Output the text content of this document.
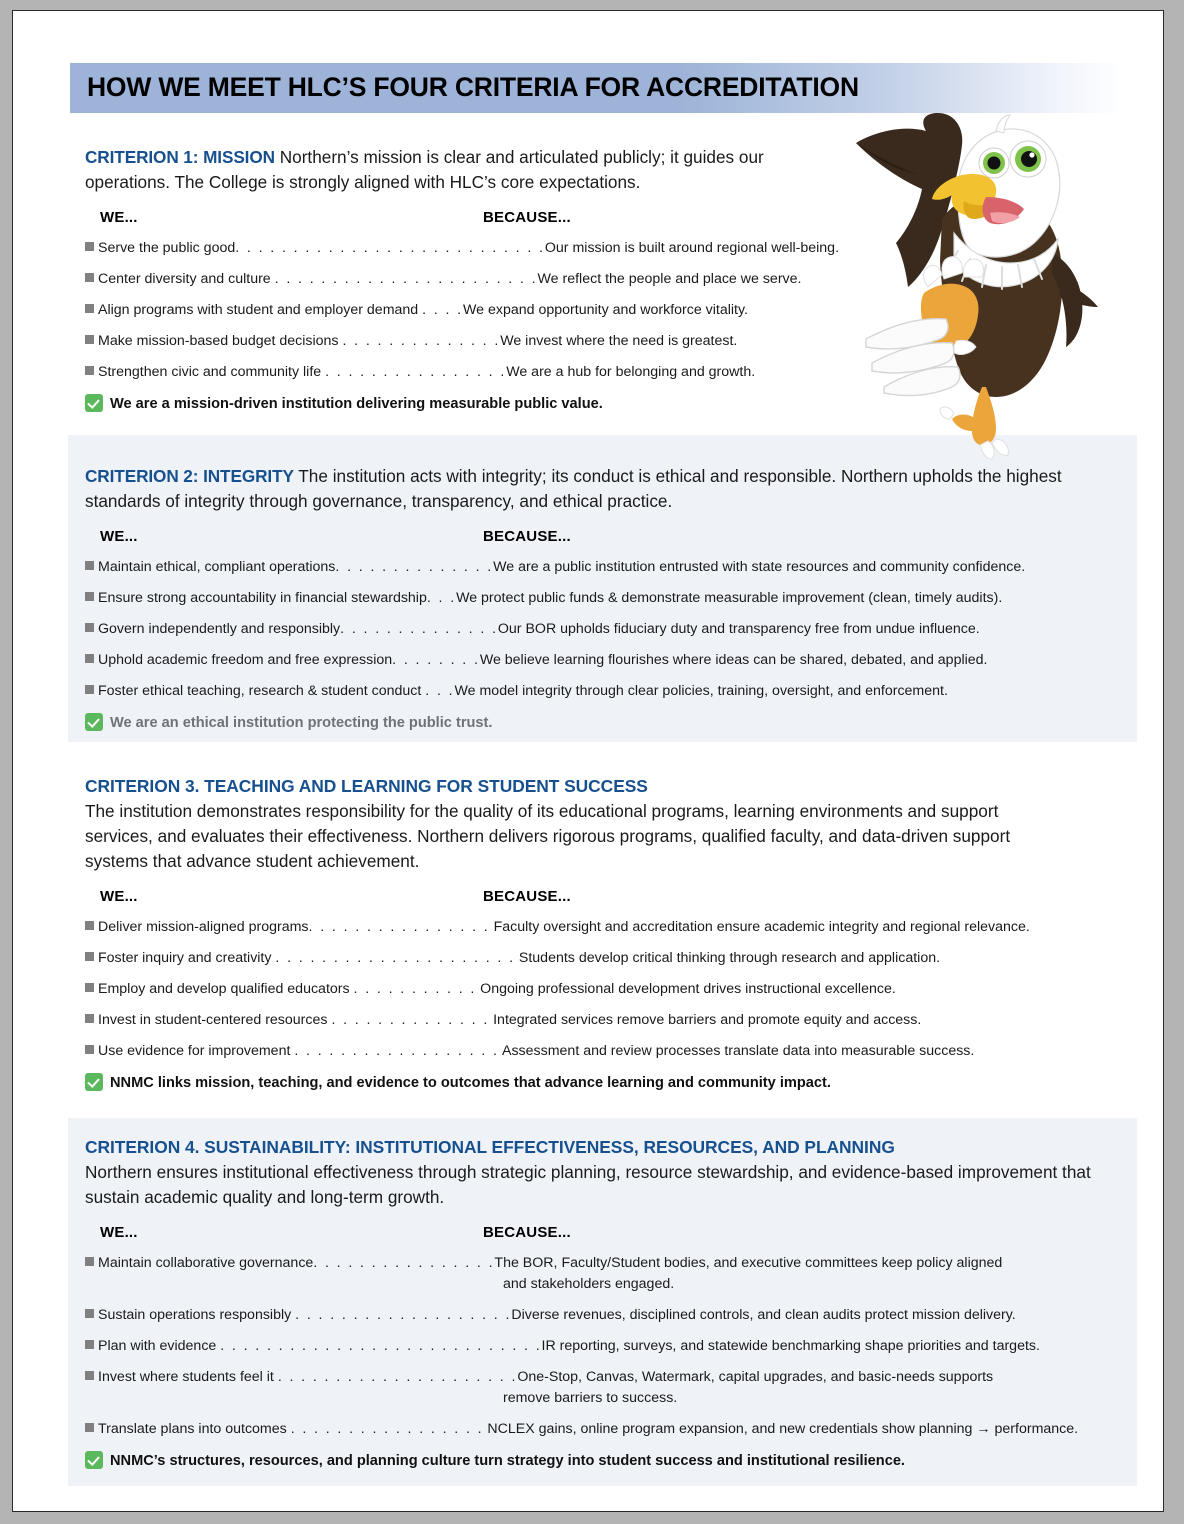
HOW WE MEET HLC’S FOUR CRITERIA FOR ACCREDITATION

CRITERION 1: MISSION Northern’s mission is clear and articulated publicly; it guides our operations. The College is strongly aligned with HLC’s core expectations.

WE...	BECAUSE...
Serve the public good. . . . . . . . . . . . . . . . . . . . . . . . . . .Our mission is built around regional well-being.
Center diversity and culture . . . . . . . . . . . . . . . . . . . . . . .We reflect the people and place we serve.
Align programs with student and employer demand . . . .We expand opportunity and workforce vitality.
Make mission-based budget decisions . . . . . . . . . . . . . .We invest where the need is greatest.
Strengthen civic and community life . . . . . . . . . . . . . . . .We are a hub for belonging and growth.
We are a mission-driven institution delivering measurable public value.

CRITERION 2: INTEGRITY The institution acts with integrity; its conduct is ethical and responsible. Northern upholds the highest standards of integrity through governance, transparency, and ethical practice.

WE...	BECAUSE...
Maintain ethical, compliant operations. . . . . . . . . . . . . .We are a public institution entrusted with state resources and community confidence.
Ensure strong accountability in financial stewardship. . .We protect public funds & demonstrate measurable improvement (clean, timely audits).
Govern independently and responsibly. . . . . . . . . . . . . .Our BOR upholds fiduciary duty and transparency free from undue influence.
Uphold academic freedom and free expression. . . . . . . .We believe learning flourishes where ideas can be shared, debated, and applied.
Foster ethical teaching, research & student conduct . . .We model integrity through clear policies, training, oversight, and enforcement.
We are an ethical institution protecting the public trust.

CRITERION 3. TEACHING AND LEARNING FOR STUDENT SUCCESS
The institution demonstrates responsibility for the quality of its educational programs, learning environments and support services, and evaluates their effectiveness. Northern delivers rigorous programs, qualified faculty, and data-driven support systems that advance student achievement.

WE...	BECAUSE...
Deliver mission-aligned programs. . . . . . . . . . . . . . . . Faculty oversight and accreditation ensure academic integrity and regional relevance.
Foster inquiry and creativity . . . . . . . . . . . . . . . . . . . . . Students develop critical thinking through research and application.
Employ and develop qualified educators . . . . . . . . . . . Ongoing professional development drives instructional excellence.
Invest in student-centered resources . . . . . . . . . . . . . . Integrated services remove barriers and promote equity and access.
Use evidence for improvement . . . . . . . . . . . . . . . . . . Assessment and review processes translate data into measurable success.
NNMC links mission, teaching, and evidence to outcomes that advance learning and community impact.

CRITERION 4. SUSTAINABILITY: INSTITUTIONAL EFFECTIVENESS, RESOURCES, AND PLANNING
Northern ensures institutional effectiveness through strategic planning, resource stewardship, and evidence-based improvement that sustain academic quality and long-term growth.

WE...	BECAUSE...
Maintain collaborative governance. . . . . . . . . . . . . . . .The BOR, Faculty/Student bodies, and executive committees keep policy aligned
and stakeholders engaged.
Sustain operations responsibly . . . . . . . . . . . . . . . . . . .Diverse revenues, disciplined controls, and clean audits protect mission delivery.
Plan with evidence . . . . . . . . . . . . . . . . . . . . . . . . . . . .IR reporting, surveys, and statewide benchmarking shape priorities and targets.
Invest where students feel it . . . . . . . . . . . . . . . . . . . . .One-Stop, Canvas, Watermark, capital upgrades, and basic-needs supports
remove barriers to success.
Translate plans into outcomes . . . . . . . . . . . . . . . . . NCLEX gains, online program expansion, and new credentials show planning → performance.
NNMC’s structures, resources, and planning culture turn strategy into student success and institutional resilience.
